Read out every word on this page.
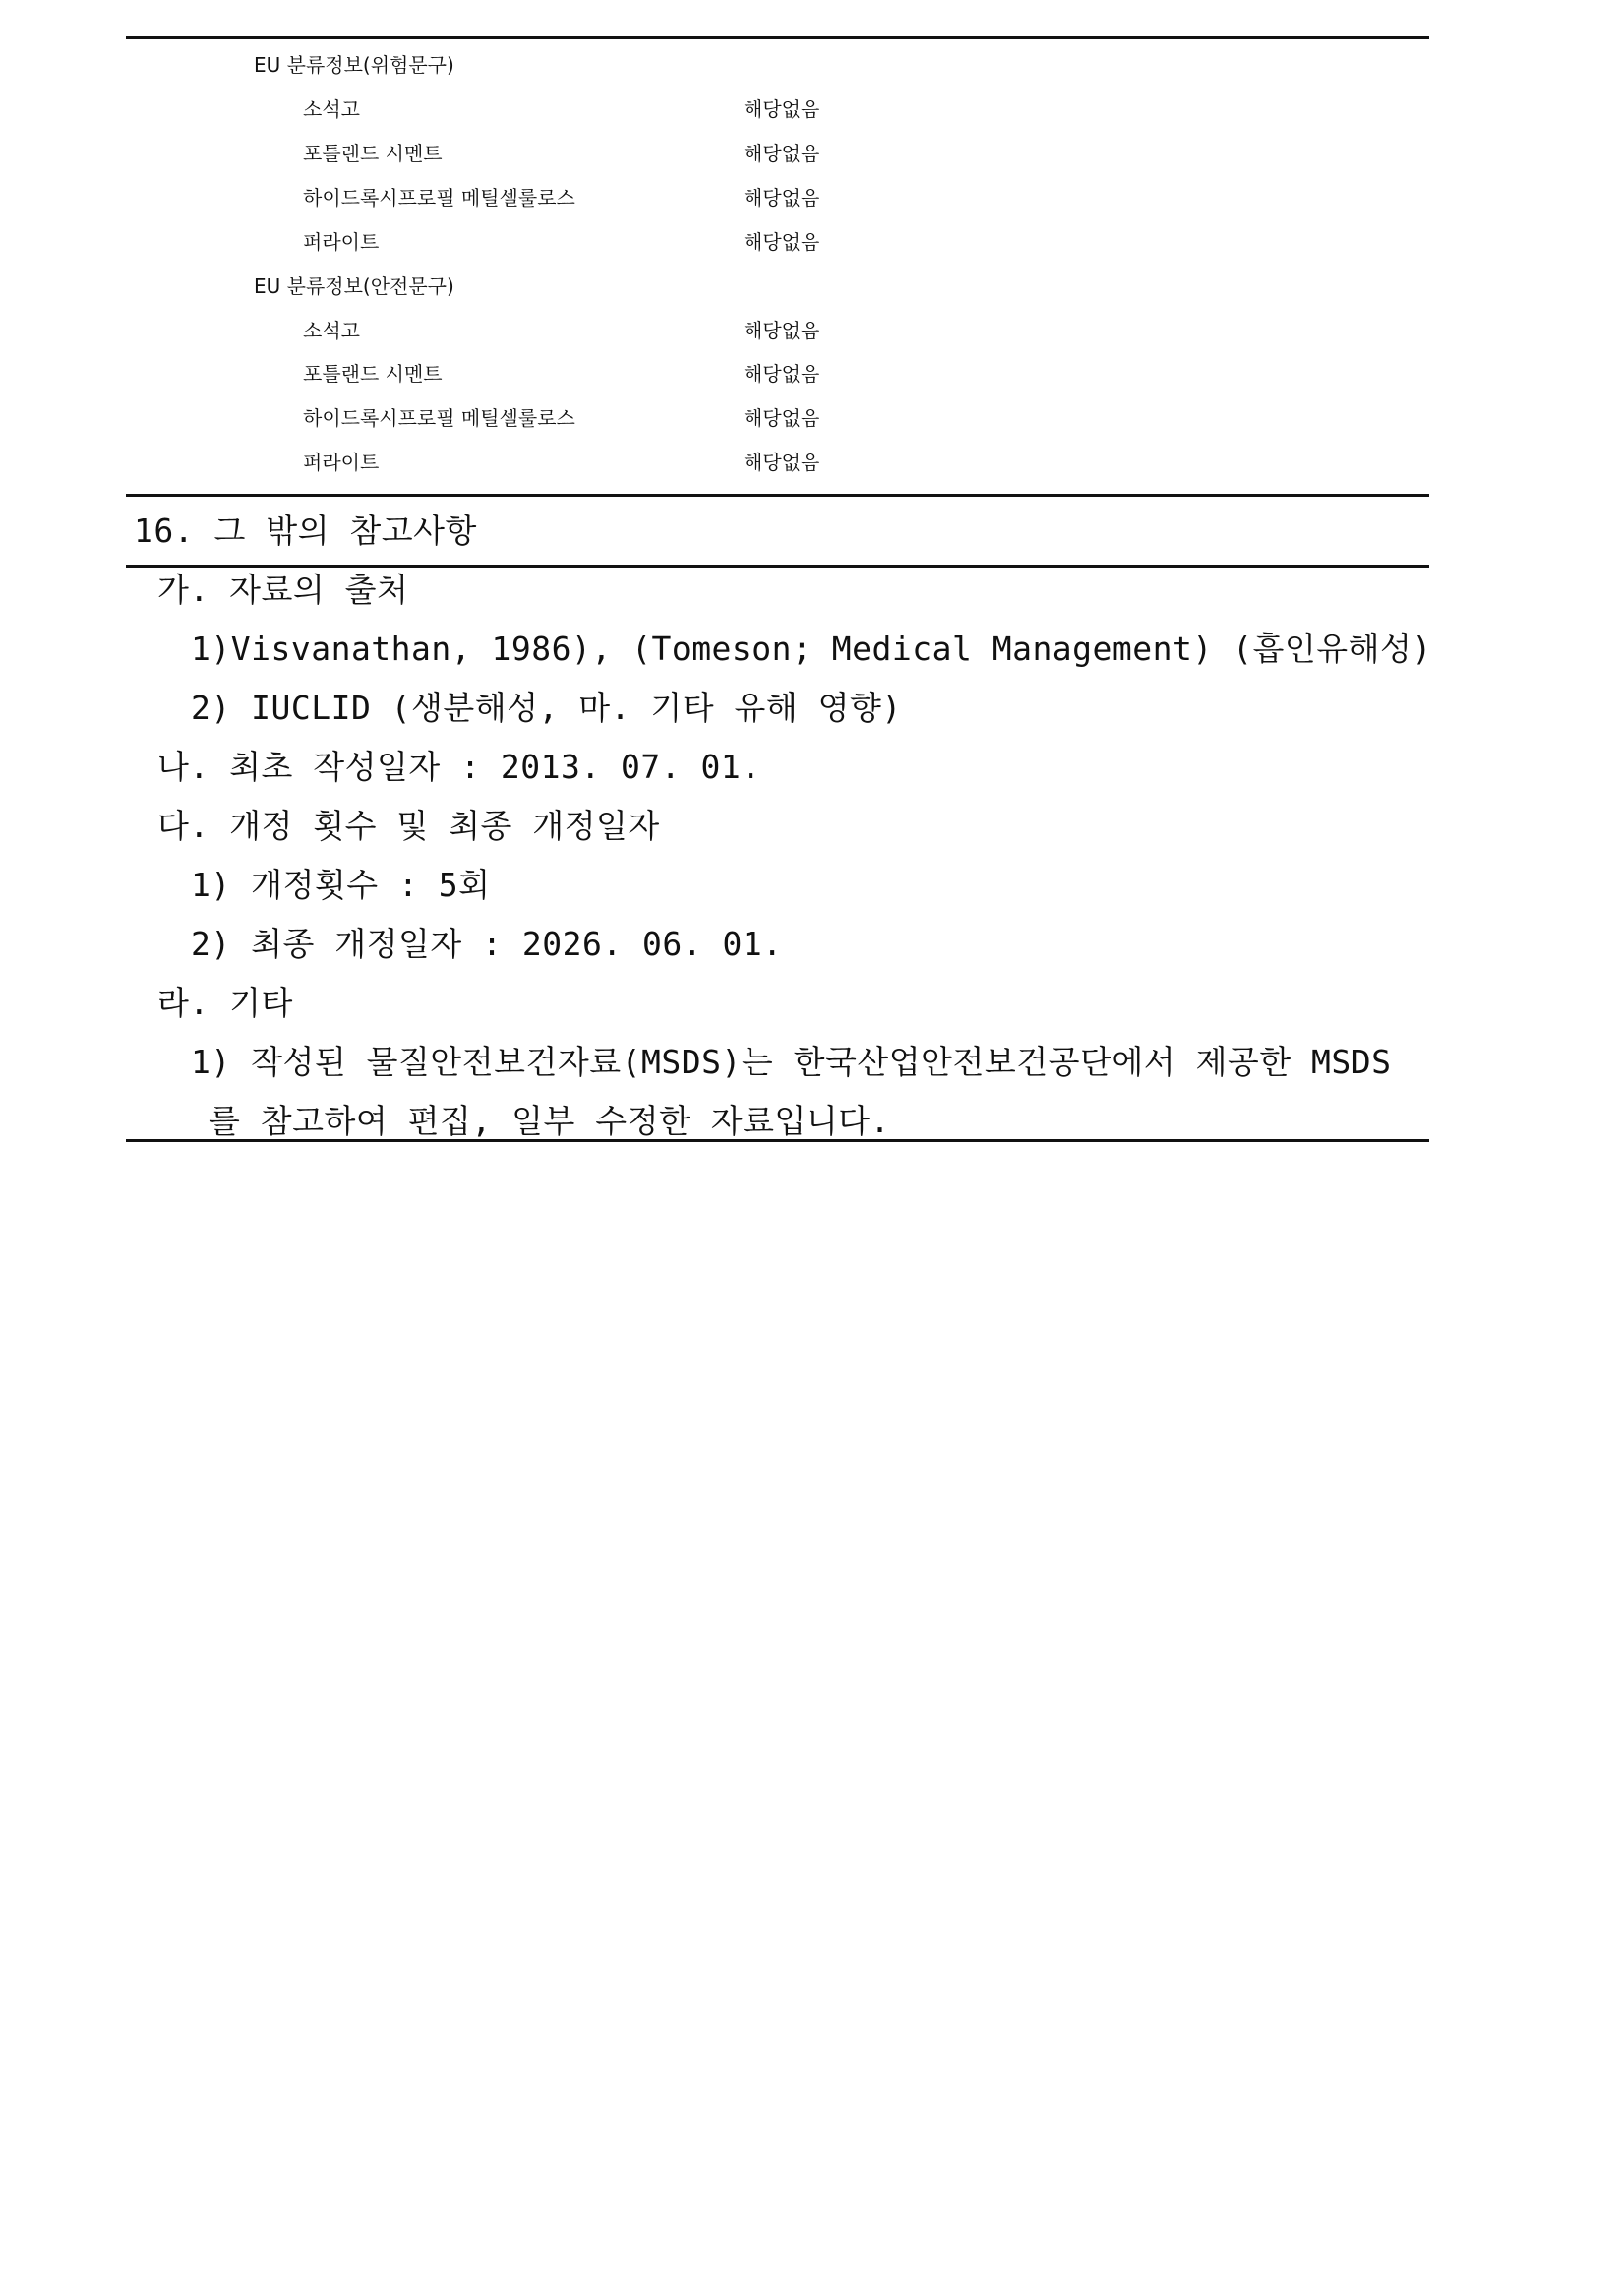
EU 분류정보(위험문구)
소석고	해당없음
포틀랜드 시멘트	해당없음
하이드록시프로필 메틸셀룰로스	해당없음
퍼라이트	해당없음
EU 분류정보(안전문구)
소석고	해당없음
포틀랜드 시멘트	해당없음
하이드록시프로필 메틸셀룰로스	해당없음
퍼라이트	해당없음
16. 그 밖의 참고사항
가. 자료의 출처
1)Visvanathan, 1986), (Tomeson; Medical Management) (흡인유해성)
2) IUCLID (생분해성, 마. 기타 유해 영향)
나. 최초 작성일자 : 2013. 07. 01.
다. 개정 횟수 및 최종 개정일자
1) 개정횟수 : 5회
2) 최종 개정일자 : 2026. 06. 01.
라. 기타
1) 작성된 물질안전보건자료(MSDS)는 한국산업안전보건공단에서 제공한 MSDS
를 참고하여 편집, 일부 수정한 자료입니다.
